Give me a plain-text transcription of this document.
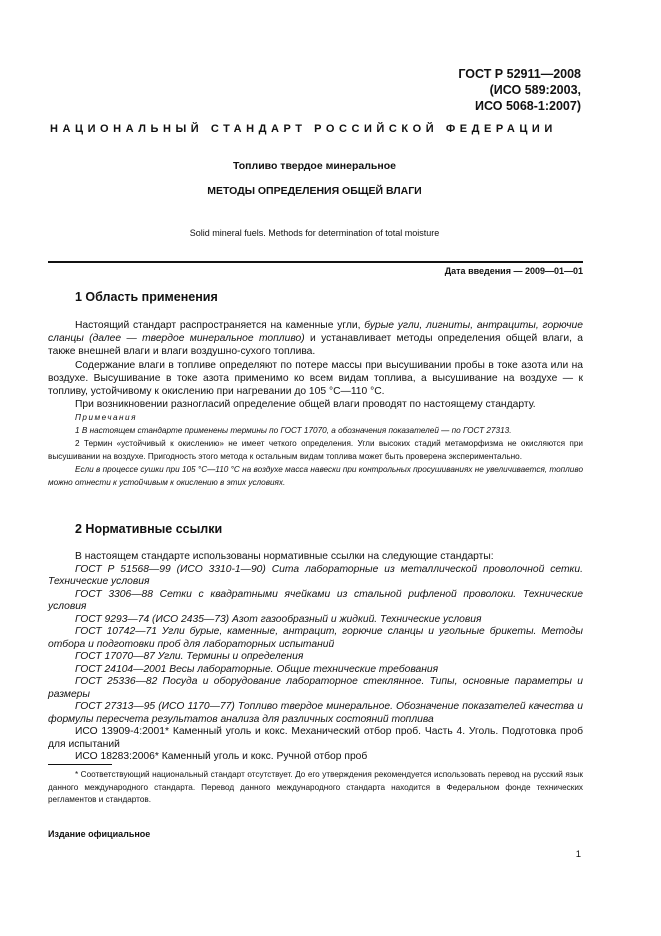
ГОСТ Р 52911—2008
(ИСО 589:2003,
ИСО 5068-1:2007)
НАЦИОНАЛЬНЫЙ СТАНДАРТ РОССИЙСКОЙ ФЕДЕРАЦИИ
Топливо твердое минеральное
МЕТОДЫ ОПРЕДЕЛЕНИЯ ОБЩЕЙ ВЛАГИ
Solid mineral fuels. Methods for determination of total moisture
Дата введения — 2009—01—01
1 Область применения

Настоящий стандарт распространяется на каменные угли, бурые угли, лигниты, антрациты, горючие сланцы (далее — твердое минеральное топливо) и устанавливает методы определения общей влаги, а также внешней влаги и влаги воздушно-сухого топлива.

Содержание влаги в топливе определяют по потере массы при высушивании пробы в токе азота или на воздухе. Высушивание в токе азота применимо ко всем видам топлива, а высушивание на воздухе — к топливу, устойчивому к окислению при нагревании до 105 °С—110 °С.

При возникновении разногласий определение общей влаги проводят по настоящему стандарту.

Примечания

1 В настоящем стандарте применены термины по ГОСТ 17070, а обозначения показателей — по ГОСТ 27313.

2 Термин «устойчивый к окислению» не имеет четкого определения. Угли высоких стадий метаморфизма не окисляются при высушивании на воздухе. Пригодность этого метода к остальным видам топлива может быть проверена экспериментально.

Если в процессе сушки при 105 °С—110 °С на воздухе масса навески при контрольных просушиваниях не увеличивается, топливо можно отнести к устойчивым к окислению в этих условиях.

2 Нормативные ссылки

В настоящем стандарте использованы нормативные ссылки на следующие стандарты:

ГОСТ Р 51568—99 (ИСО 3310-1—90) Сита лабораторные из металлической проволочной сетки. Технические условия

ГОСТ 3306—88 Сетки с квадратными ячейками из стальной рифленой проволоки. Технические условия

ГОСТ 9293—74 (ИСО 2435—73) Азот газообразный и жидкий. Технические условия

ГОСТ 10742—71 Угли бурые, каменные, антрацит, горючие сланцы и угольные брикеты. Методы отбора и подготовки проб для лабораторных испытаний

ГОСТ 17070—87 Угли. Термины и определения

ГОСТ 24104—2001 Весы лабораторные. Общие технические требования

ГОСТ 25336—82 Посуда и оборудование лабораторное стеклянное. Типы, основные параметры и размеры

ГОСТ 27313—95 (ИСО 1170—77) Топливо твердое минеральное. Обозначение показателей качества и формулы пересчета результатов анализа для различных состояний топлива

ИСО 13909-4:2001* Каменный уголь и кокс. Механический отбор проб. Часть 4. Уголь. Подготовка проб для испытаний

ИСО 18283:2006* Каменный уголь и кокс. Ручной отбор проб

* Соответствующий национальный стандарт отсутствует. До его утверждения рекомендуется использовать перевод на русский язык данного международного стандарта. Перевод данного международного стандарта находится в Федеральном фонде технических регламентов и стандартов.

Издание официальное
1
